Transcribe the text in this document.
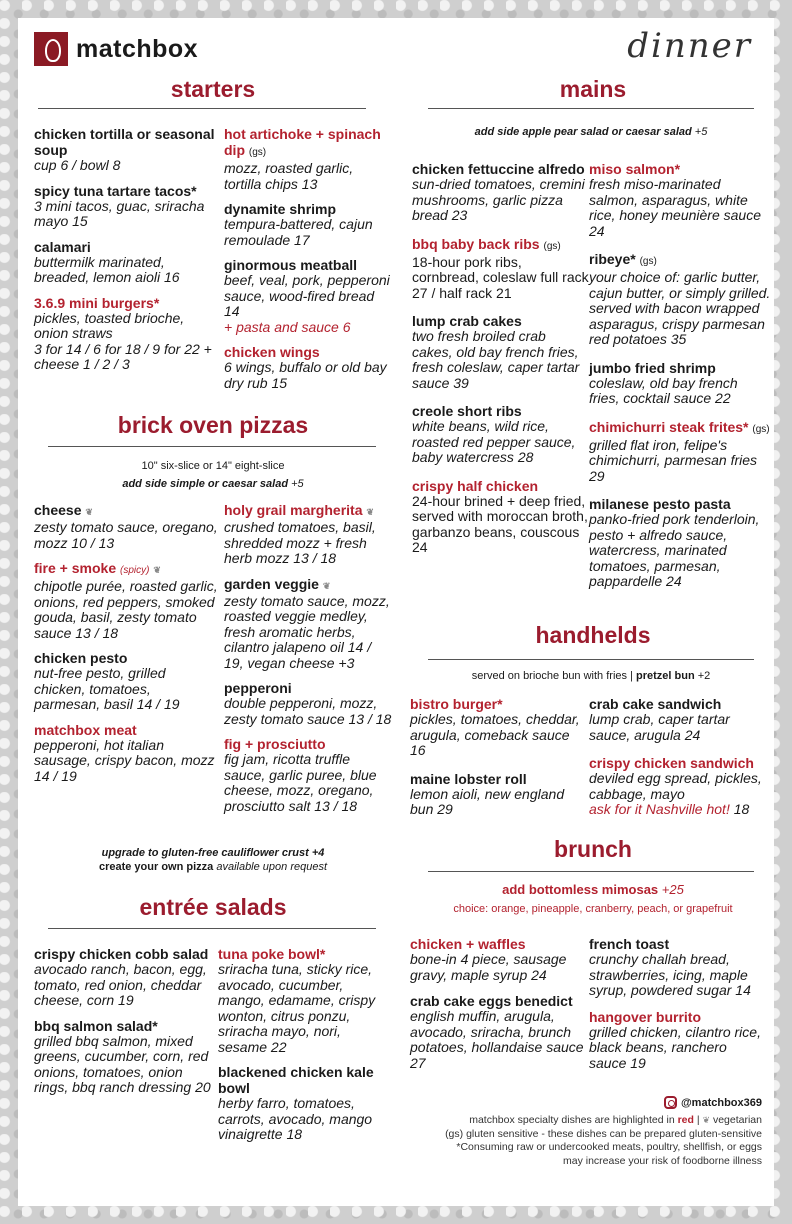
matchbox	dinner
starters
chicken tortilla or seasonal soup
cup 6 / bowl 8
spicy tuna tartare tacos*
3 mini tacos, guac, sriracha mayo 15
calamari
buttermilk marinated, breaded, lemon aioli 16
3.6.9 mini burgers*
pickles, toasted brioche, onion straws
3 for 14 / 6 for 18 / 9 for 22 + cheese 1 / 2 / 3
hot artichoke + spinach dip (gs)
mozz, roasted garlic, tortilla chips 13
dynamite shrimp
tempura-battered, cajun remoulade 17
ginormous meatball
beef, veal, pork, pepperoni sauce, wood-fired bread 14
+ pasta and sauce 6
chicken wings
6 wings, buffalo or old bay dry rub 15
brick oven pizzas
10" six-slice or 14" eight-slice
add side simple or caesar salad +5
cheese ❦
zesty tomato sauce, oregano, mozz 10 / 13
fire + smoke (spicy) ❦
chipotle purée, roasted garlic, onions, red peppers, smoked gouda, basil, zesty tomato sauce 13 / 18
chicken pesto
nut-free pesto, grilled chicken, tomatoes, parmesan, basil 14 / 19
matchbox meat
pepperoni, hot italian sausage, crispy bacon, mozz 14 / 19
holy grail margherita ❦
crushed tomatoes, basil, shredded mozz + fresh herb mozz 13 / 18
garden veggie ❦
zesty tomato sauce, mozz, roasted veggie medley, fresh aromatic herbs, cilantro jalapeno oil 14 / 19, vegan cheese +3
pepperoni
double pepperoni, mozz, zesty tomato sauce 13 / 18
fig + prosciutto
fig jam, ricotta truffle sauce, garlic puree, blue cheese, mozz, oregano, prosciutto salt 13 / 18
upgrade to gluten-free cauliflower crust +4
create your own pizza available upon request
entrée salads
crispy chicken cobb salad
avocado ranch, bacon, egg, tomato, red onion, cheddar cheese, corn 19
bbq salmon salad*
grilled bbq salmon, mixed greens, cucumber, corn, red onions, tomatoes, onion rings, bbq ranch dressing 20
tuna poke bowl*
sriracha tuna, sticky rice, avocado, cucumber, mango, edamame, crispy wonton, citrus ponzu, sriracha mayo, nori, sesame 22
blackened chicken kale bowl
herby farro, tomatoes, carrots, avocado, mango vinaigrette 18
mains
add side apple pear salad or caesar salad +5
chicken fettuccine alfredo
sun-dried tomatoes, cremini mushrooms, garlic pizza bread 23
bbq baby back ribs (gs)
18-hour pork ribs, cornbread, coleslaw full rack 27 / half rack 21
lump crab cakes
two fresh broiled crab cakes, old bay french fries, fresh coleslaw, caper tartar sauce 39
creole short ribs
white beans, wild rice, roasted red pepper sauce, baby watercress 28
crispy half chicken
24-hour brined + deep fried, served with moroccan broth, garbanzo beans, couscous 24
miso salmon*
fresh miso-marinated salmon, asparagus, white rice, honey meunière sauce 24
ribeye* (gs)
your choice of: garlic butter, cajun butter, or simply grilled. served with bacon wrapped asparagus, crispy parmesan red potatoes 35
jumbo fried shrimp
coleslaw, old bay french fries, cocktail sauce 22
chimichurri steak frites* (gs)
grilled flat iron, felipe's chimichurri, parmesan fries 29
milanese pesto pasta
panko-fried pork tenderloin, pesto + alfredo sauce, watercress, marinated tomatoes, parmesan, pappardelle 24
handhelds
served on brioche bun with fries | pretzel bun +2
bistro burger*
pickles, tomatoes, cheddar, arugula, comeback sauce 16
maine lobster roll
lemon aioli, new england bun 29
crab cake sandwich
lump crab, caper tartar sauce, arugula 24
crispy chicken sandwich
deviled egg spread, pickles, cabbage, mayo
ask for it Nashville hot! 18
brunch
add bottomless mimosas +25
choice: orange, pineapple, cranberry, peach, or grapefruit
chicken + waffles
bone-in 4 piece, sausage gravy, maple syrup 24
crab cake eggs benedict
english muffin, arugula, avocado, sriracha, brunch potatoes, hollandaise sauce 27
french toast
crunchy challah bread, strawberries, icing, maple syrup, powdered sugar 14
hangover burrito
grilled chicken, cilantro rice, black beans, ranchero sauce 19
@matchbox369
matchbox specialty dishes are highlighted in red | ❦ vegetarian
(gs) gluten sensitive - these dishes can be prepared gluten-sensitive
*Consuming raw or undercooked meats, poultry, shellfish, or eggs
may increase your risk of foodborne illness
